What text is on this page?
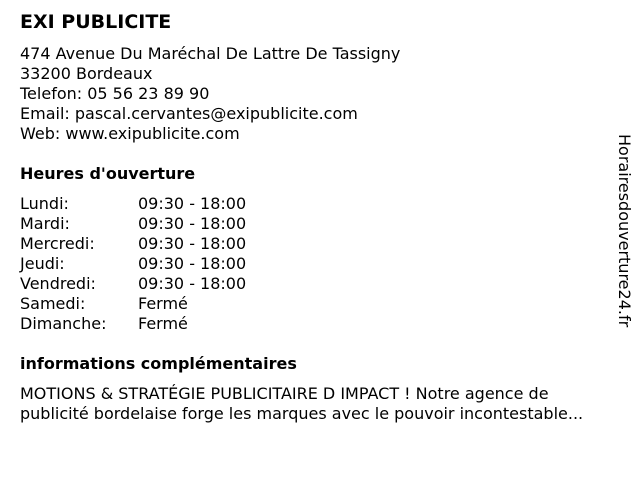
EXI PUBLICITE
474 Avenue Du Maréchal De Lattre De Tassigny
33200 Bordeaux
Telefon: 05 56 23 89 90
Email: pascal.cervantes@exipublicite.com
Web: www.exipublicite.com
Heures d'ouverture
Lundi:	09:30 - 18:00
Mardi:	09:30 - 18:00
Mercredi:	09:30 - 18:00
Jeudi:	09:30 - 18:00
Vendredi:	09:30 - 18:00
Samedi:	Fermé
Dimanche: Fermé
informations complémentaires
MOTIONS & STRATÉGIE PUBLICITAIRE D IMPACT ! Notre agence de
publicité bordelaise forge les marques avec le pouvoir incontestable...
Horairesdouverture24.fr
